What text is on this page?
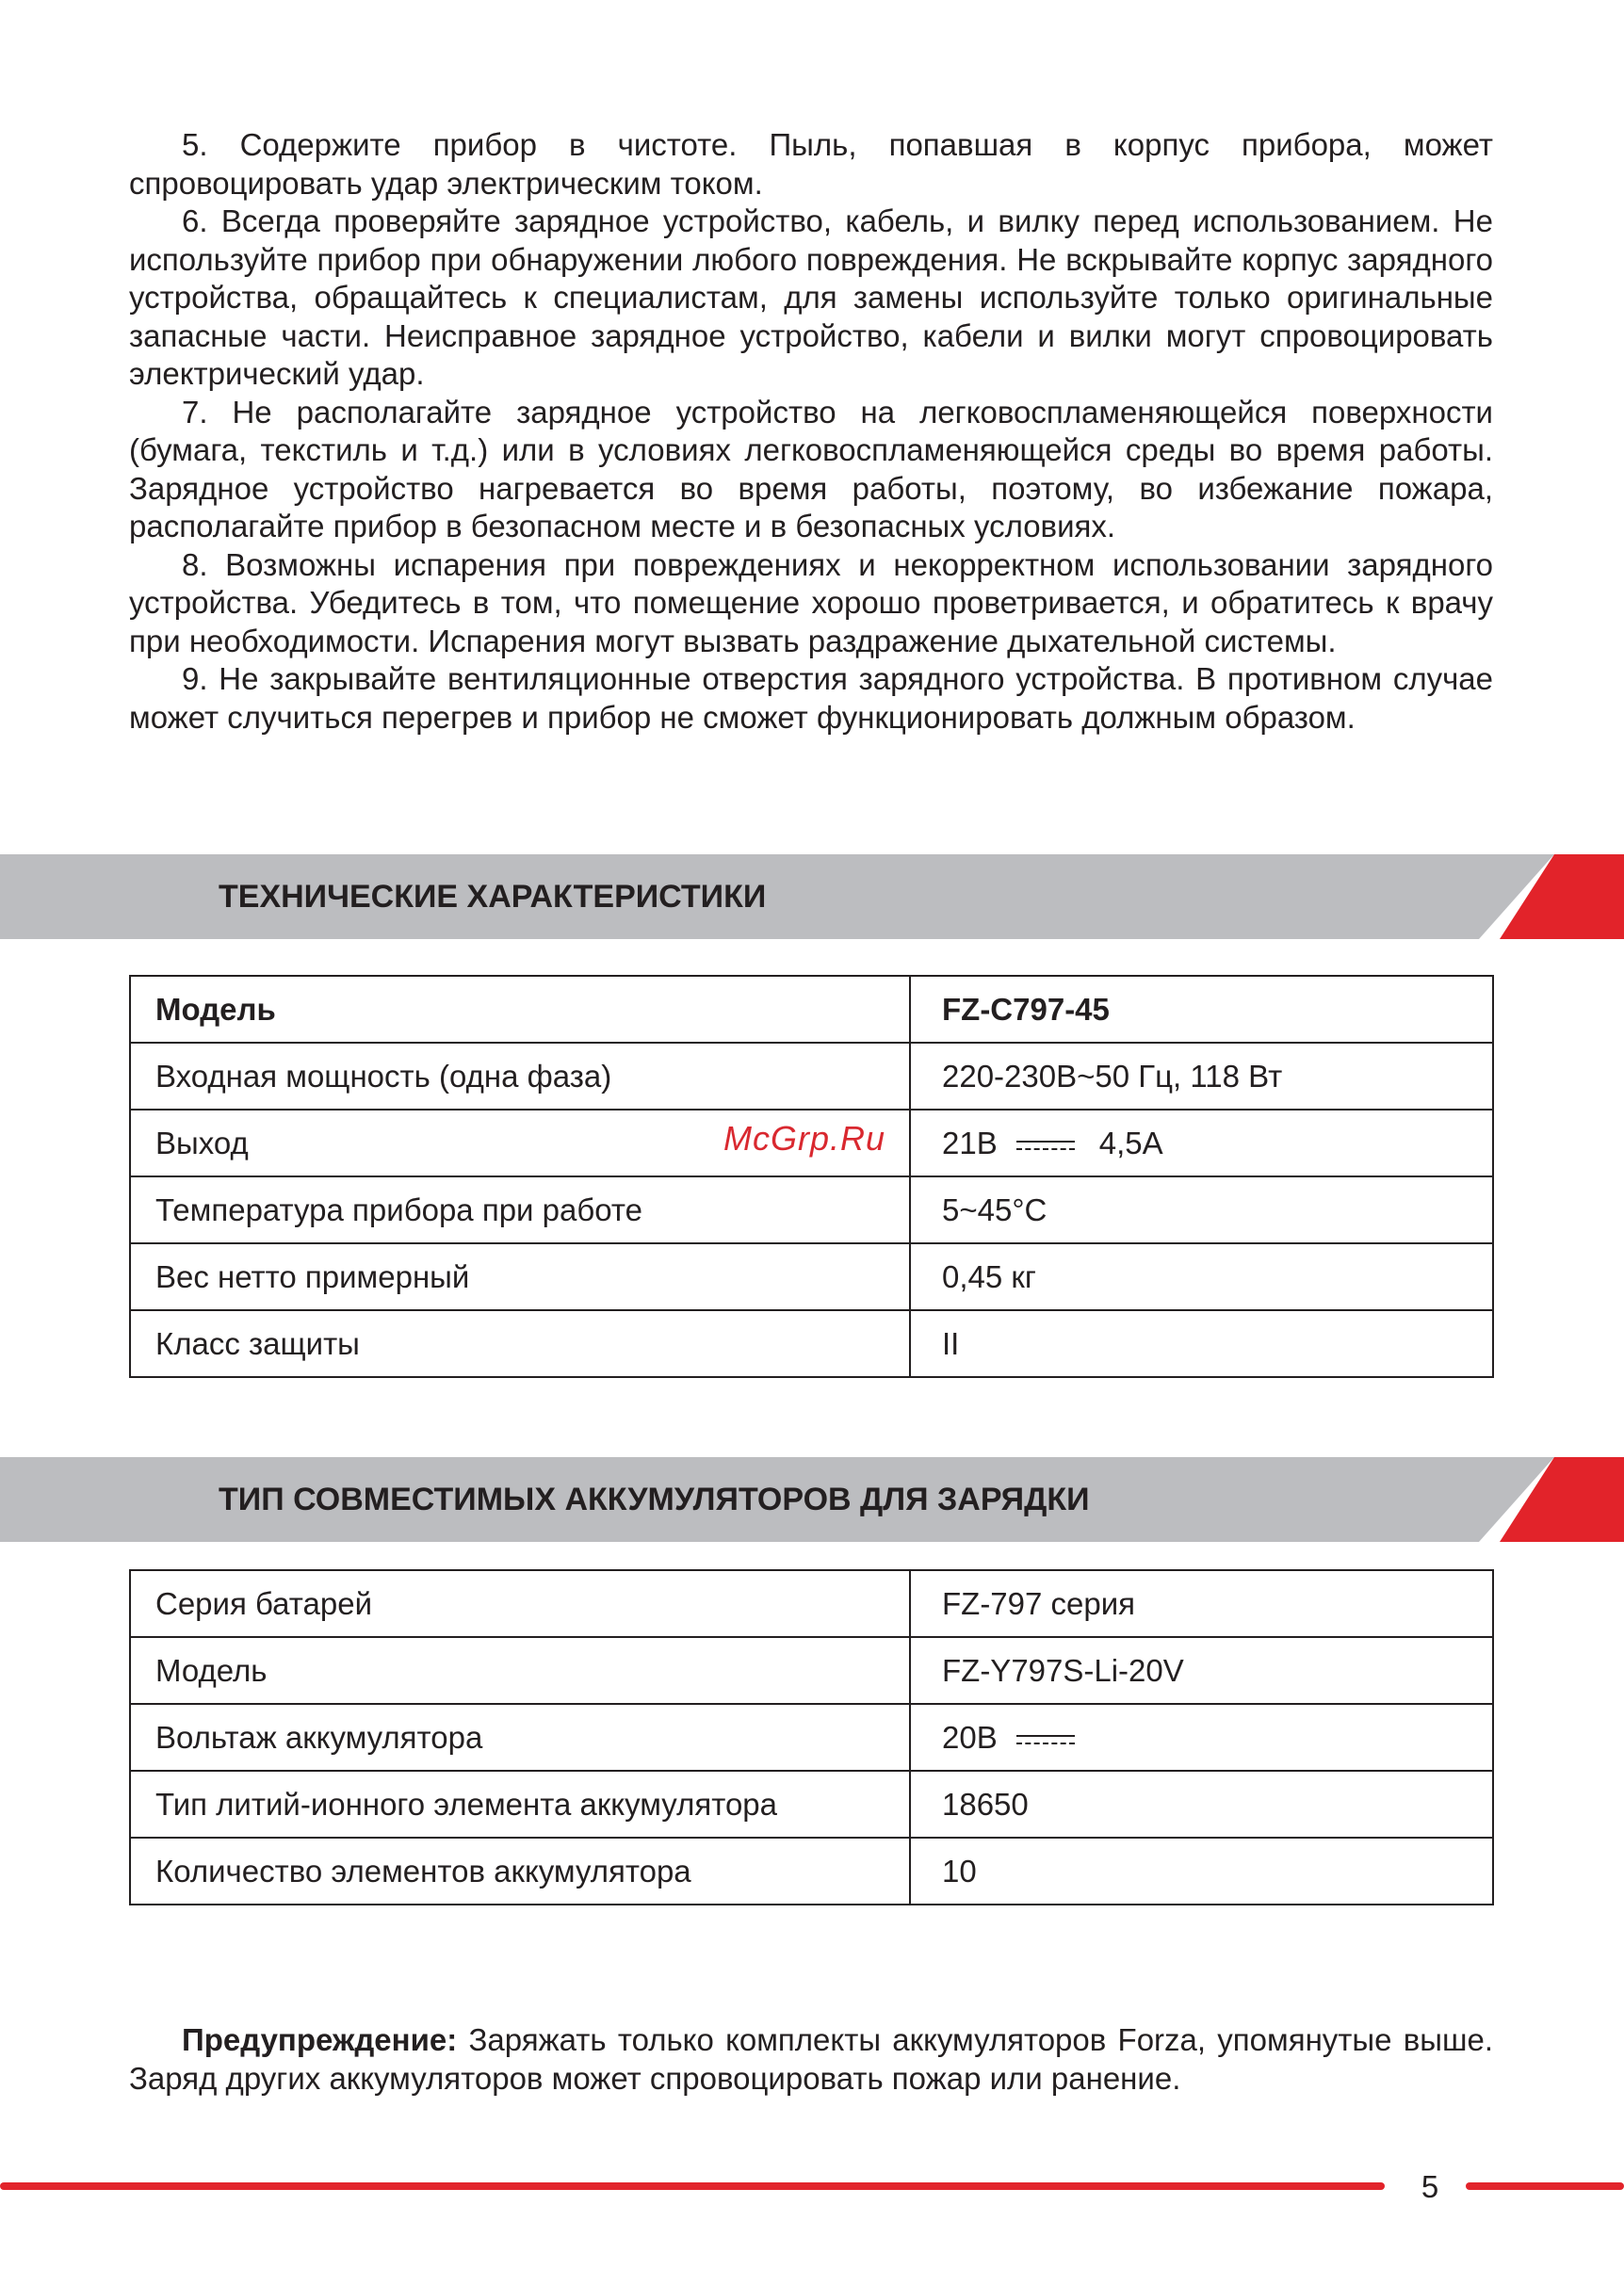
5. Содержите прибор в чистоте. Пыль, попавшая в корпус прибора, может спровоцировать удар электрическим током.

6. Всегда проверяйте зарядное устройство, кабель, и вилку перед использованием. Не используйте прибор при обнаружении любого повреждения. Не вскрывайте корпус зарядного устройства, обращайтесь к специалистам, для замены используйте только оригинальные запасные части. Неисправное зарядное устройство, кабели и вилки могут спровоцировать электрический удар.

7. Не располагайте зарядное устройство на легковоспламеняющейся поверхности (бумага, текстиль и т.д.) или в условиях легковоспламеняющейся среды во время работы. Зарядное устройство нагревается во время работы, поэтому, во избежание пожара, располагайте прибор в безопасном месте и в безопасных условиях.

8. Возможны испарения при повреждениях и некорректном использовании зарядного устройства. Убедитесь в том, что помещение хорошо проветривается, и обратитесь к врачу при необходимости. Испарения могут вызвать раздражение дыхательной системы.

9. Не закрывайте вентиляционные отверстия зарядного устройства. В противном случае может случиться перегрев и прибор не сможет функционировать должным образом.

ТЕХНИЧЕСКИЕ ХАРАКТЕРИСТИКИ
Модель	FZ-C797-45
Входная мощность (одна фаза)	220-230В~50 Гц, 118 Вт
Выход	21В 4,5А
Температура прибора при работе	5~45°С
Вес нетто примерный	0,45 кг
Класс защиты	II
McGrp.Ru
ТИП СОВМЕСТИМЫХ АККУМУЛЯТОРОВ ДЛЯ ЗАРЯДКИ
Серия батарей	FZ-797 серия
Модель	FZ-Y797S-Li-20V
Вольтаж аккумулятора	20В
Тип литий-ионного элемента аккумулятора	18650
Количество элементов аккумулятора	10

Предупреждение: Заряжать только комплекты аккумуляторов Forza, упомянутые выше. Заряд других аккумуляторов может спровоцировать пожар или ранение.

5
